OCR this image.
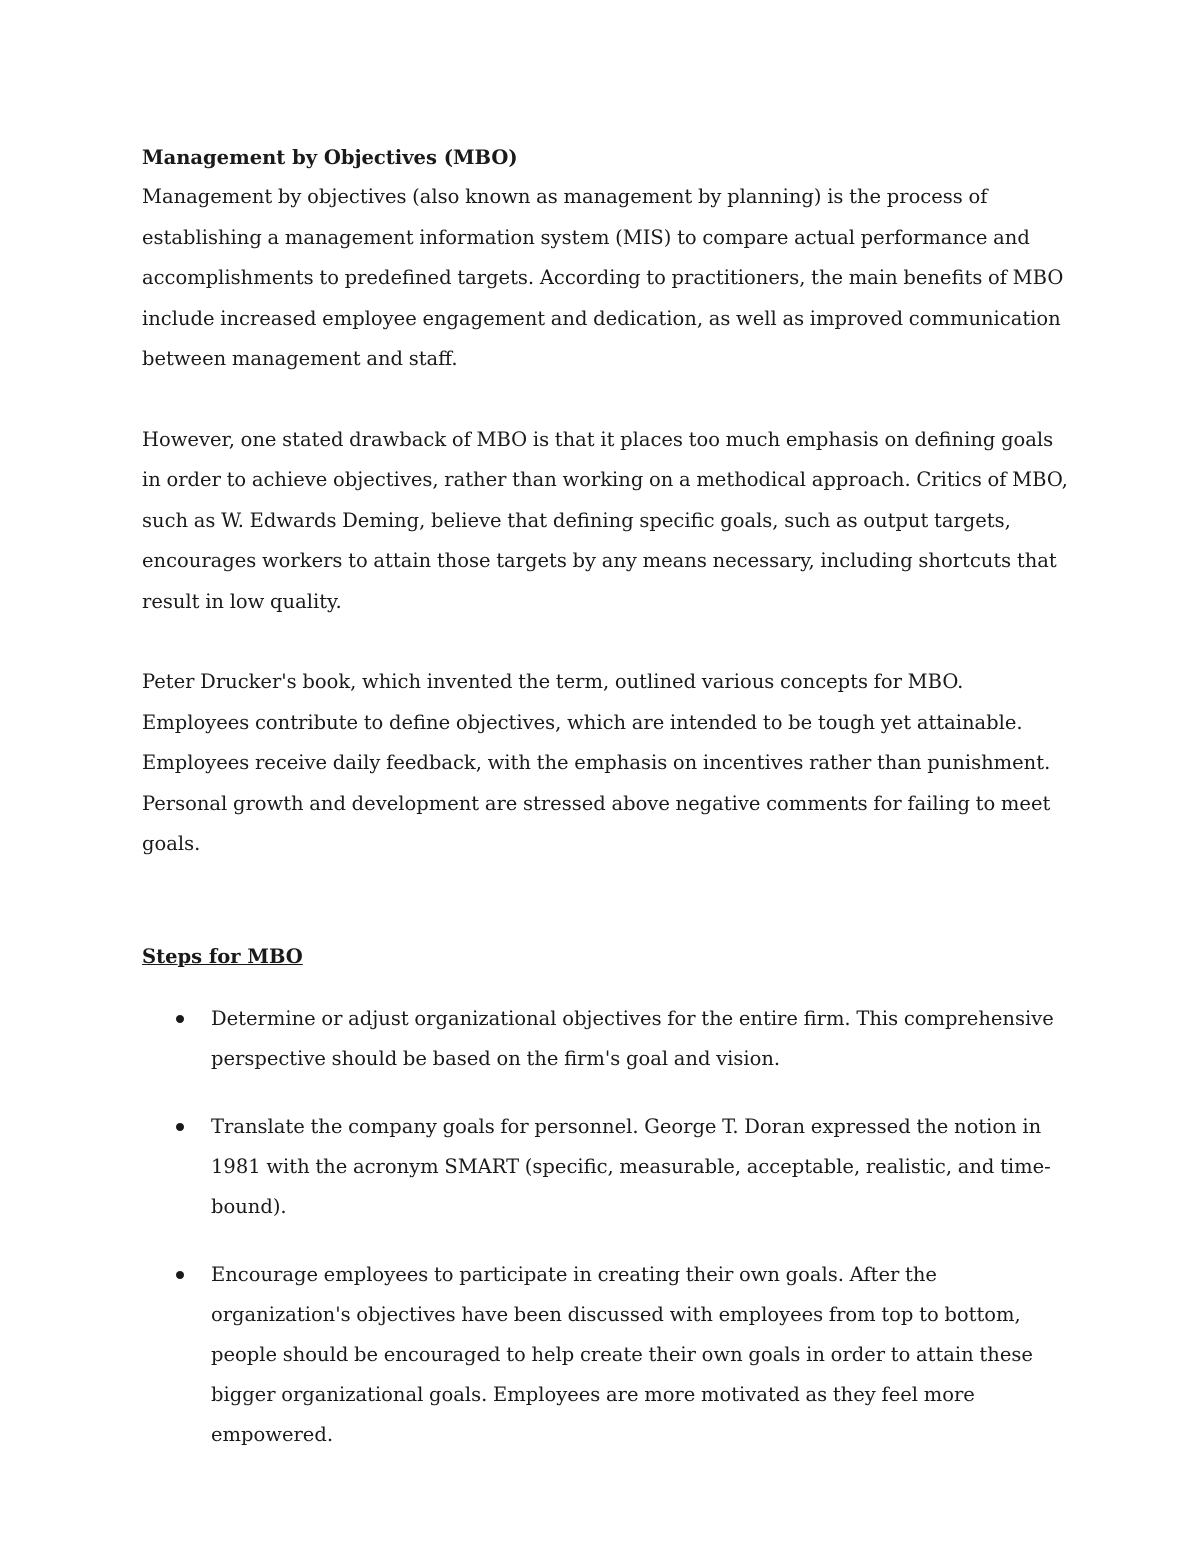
Management by Objectives (MBO)

Management by objectives (also known as management by planning) is the process of establishing a management information system (MIS) to compare actual performance and accomplishments to predefined targets. According to practitioners, the main benefits of MBO include increased employee engagement and dedication, as well as improved communication between management and staff.

However, one stated drawback of MBO is that it places too much emphasis on defining goals in order to achieve objectives, rather than working on a methodical approach. Critics of MBO, such as W. Edwards Deming, believe that defining specific goals, such as output targets, encourages workers to attain those targets by any means necessary, including shortcuts that result in low quality.

Peter Drucker's book, which invented the term, outlined various concepts for MBO. Employees contribute to define objectives, which are intended to be tough yet attainable. Employees receive daily feedback, with the emphasis on incentives rather than punishment. Personal growth and development are stressed above negative comments for failing to meet goals.

Steps for MBO
Determine or adjust organizational objectives for the entire firm. This comprehensive perspective should be based on the firm's goal and vision.
Translate the company goals for personnel. George T. Doran expressed the notion in 1981 with the acronym SMART (specific, measurable, acceptable, realistic, and time-bound).
Encourage employees to participate in creating their own goals. After the organization's objectives have been discussed with employees from top to bottom, people should be encouraged to help create their own goals in order to attain these bigger organizational goals. Employees are more motivated as they feel more empowered.
